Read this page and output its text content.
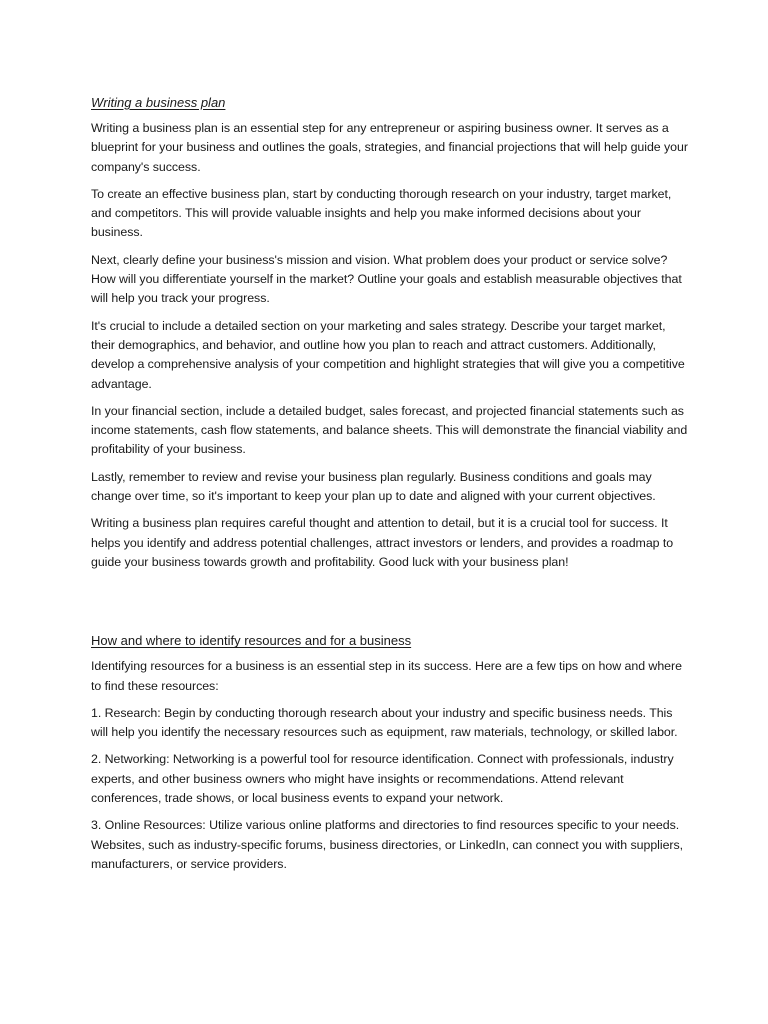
Writing a business plan

Writing a business plan is an essential step for any entrepreneur or aspiring business owner. It serves as a blueprint for your business and outlines the goals, strategies, and financial projections that will help guide your company's success.

To create an effective business plan, start by conducting thorough research on your industry, target market, and competitors. This will provide valuable insights and help you make informed decisions about your business.

Next, clearly define your business's mission and vision. What problem does your product or service solve? How will you differentiate yourself in the market? Outline your goals and establish measurable objectives that will help you track your progress.

It's crucial to include a detailed section on your marketing and sales strategy. Describe your target market, their demographics, and behavior, and outline how you plan to reach and attract customers. Additionally, develop a comprehensive analysis of your competition and highlight strategies that will give you a competitive advantage.

In your financial section, include a detailed budget, sales forecast, and projected financial statements such as income statements, cash flow statements, and balance sheets. This will demonstrate the financial viability and profitability of your business.

Lastly, remember to review and revise your business plan regularly. Business conditions and goals may change over time, so it's important to keep your plan up to date and aligned with your current objectives.

Writing a business plan requires careful thought and attention to detail, but it is a crucial tool for success. It helps you identify and address potential challenges, attract investors or lenders, and provides a roadmap to guide your business towards growth and profitability. Good luck with your business plan!

How and where to identify resources and for a business

Identifying resources for a business is an essential step in its success. Here are a few tips on how and where to find these resources:

1. Research: Begin by conducting thorough research about your industry and specific business needs. This will help you identify the necessary resources such as equipment, raw materials, technology, or skilled labor.

2. Networking: Networking is a powerful tool for resource identification. Connect with professionals, industry experts, and other business owners who might have insights or recommendations. Attend relevant conferences, trade shows, or local business events to expand your network.

3. Online Resources: Utilize various online platforms and directories to find resources specific to your needs. Websites, such as industry-specific forums, business directories, or LinkedIn, can connect you with suppliers, manufacturers, or service providers.
